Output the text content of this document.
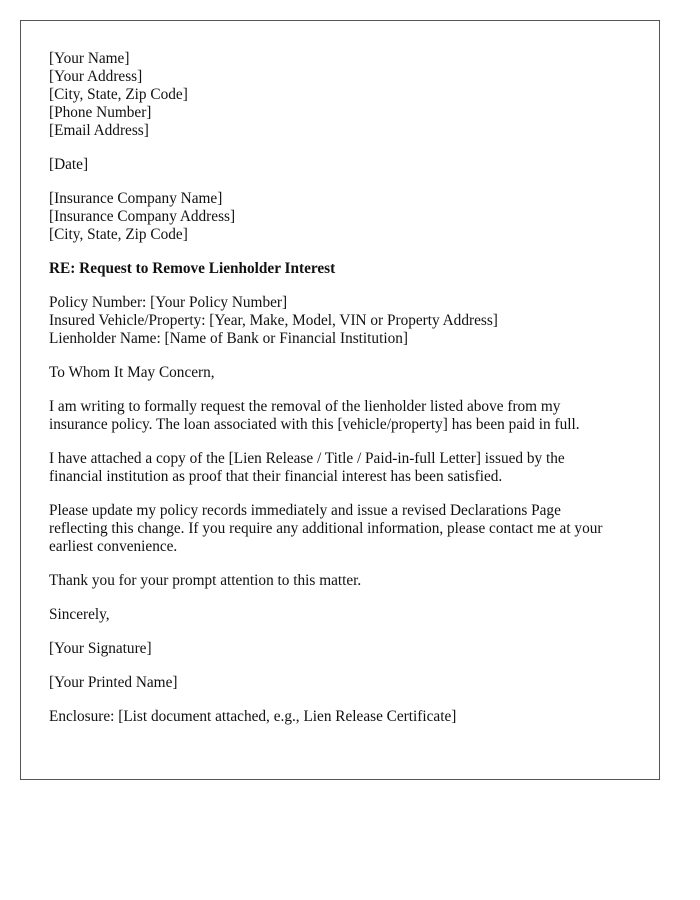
[Your Name]
[Your Address]
[City, State, Zip Code]
[Phone Number]
[Email Address]
[Date]
[Insurance Company Name]
[Insurance Company Address]
[City, State, Zip Code]
RE: Request to Remove Lienholder Interest
Policy Number: [Your Policy Number]
Insured Vehicle/Property: [Year, Make, Model, VIN or Property Address]
Lienholder Name: [Name of Bank or Financial Institution]

To Whom It May Concern,

I am writing to formally request the removal of the lienholder listed above from my
insurance policy. The loan associated with this [vehicle/property] has been paid in full.

I have attached a copy of the [Lien Release / Title / Paid-in-full Letter] issued by the
financial institution as proof that their financial interest has been satisfied.

Please update my policy records immediately and issue a revised Declarations Page
reflecting this change. If you require any additional information, please contact me at your
earliest convenience.

Thank you for your prompt attention to this matter.

Sincerely,

[Your Signature]

[Your Printed Name]

Enclosure: [List document attached, e.g., Lien Release Certificate]
